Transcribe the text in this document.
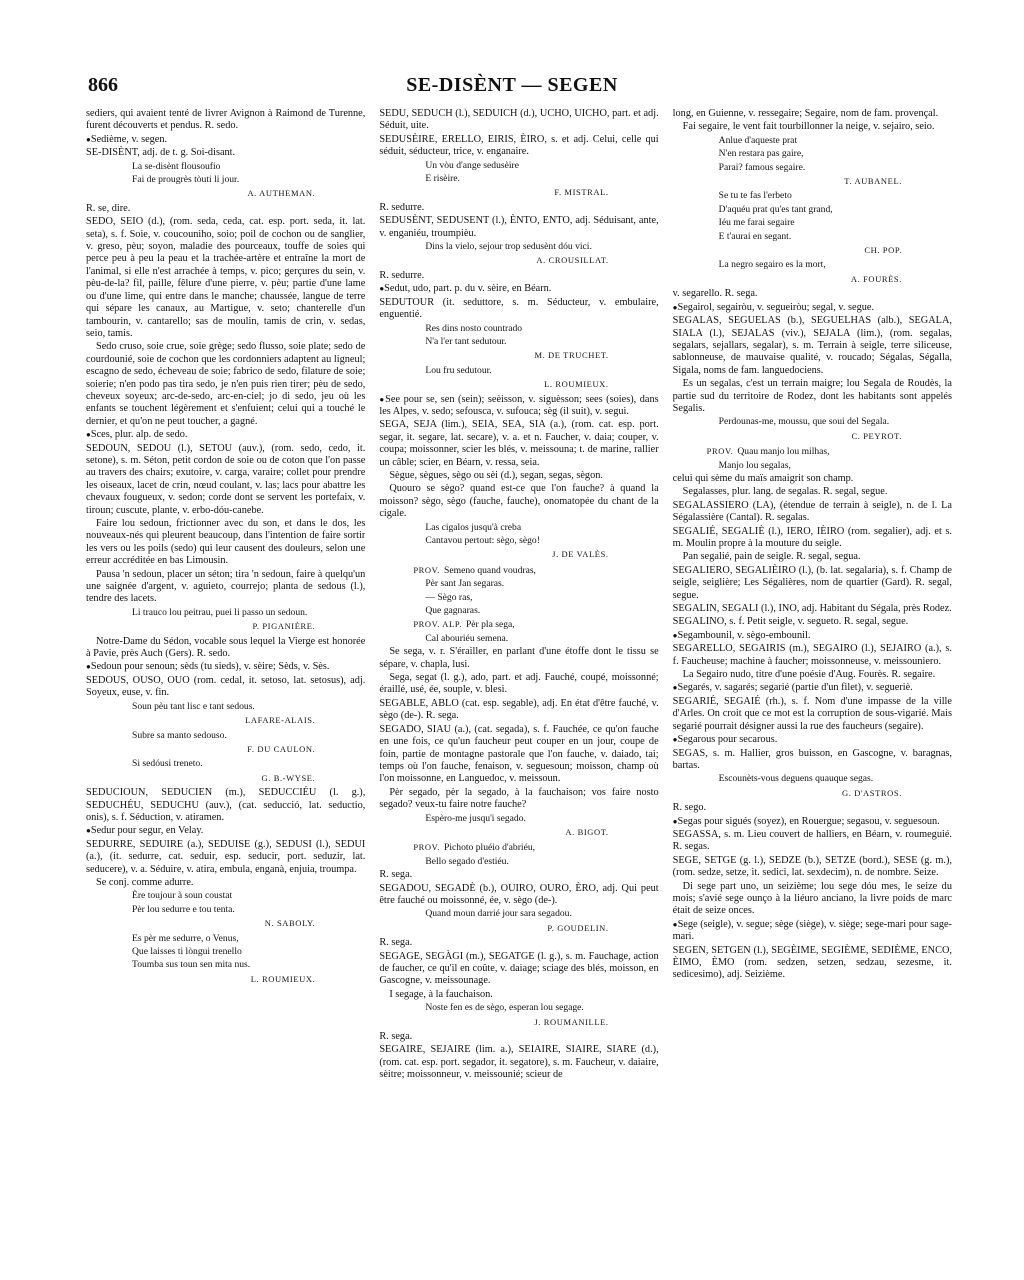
866	SE-DISÈNT — SEGEN

sediers, qui avaient tenté de livrer Avignon à Raimond de Turenne, furent découverts et pendus. R. sedo.

● Sedième, v. segen.

SE-DISÈNT, adj. de t. g. Soi-disant.

La se-disènt flousoufio

Fai de prougrès tòuti li jour.

A. AUTHEMAN.

R. se, dire.

SEDO, SEIO (d.), (rom. seda, ceda, cat. esp. port. seda, it. lat. seta), s. f. Soie, v. coucouniho, soio; poil de cochon ou de sanglier, v. greso, pèu; soyon, maladie des pourceaux, touffe de soies qui perce peu à peu la peau et la trachée-artère et entraîne la mort de l'animal, si elle n'est arrachée à temps, v. pico; gerçures du sein, v. pèu-de-la? fil, paille, fêlure d'une pierre, v. pèu; partie d'une lame ou d'une lime, qui entre dans le manche; chaussée, langue de terre qui sépare les canaux, au Martigue, v. seto; chanterelle d'un tambourin, v. cantarello; sas de moulin, tamis de crin, v. sedas, seio, tamis.

Sedo cruso, soie crue, soie grège; sedo flusso, soie plate; sedo de courdounié, soie de cochon que les cordonniers adaptent au ligneul; escagno de sedo, écheveau de soie; fabrico de sedo, filature de soie; soierie; n'en podo pas tira sedo, je n'en puis rien tirer; pèu de sedo, cheveux soyeux; arc-de-sedo, arc-en-ciel; jo di sedo, jeu où les enfants se touchent légèrement et s'enfuient; celui qui a touché le dernier, et qu'on ne peut toucher, a gagné.

● Sces, plur. alp. de sedo.

SEDOUN, SEDOU (l.), SETOU (auv.), (rom. sedo, cedo, it. setone), s. m. Séton, petit cordon de soie ou de coton que l'on passe au travers des chairs; exutoire, v. carga, varaire; collet pour prendre les oiseaux, lacet de crin, nœud coulant, v. las; lacs pour abattre les chevaux fougueux, v. sedon; corde dont se servent les portefaix, v. tiroun; cuscute, plante, v. erbo-dóu-canebe.

Faire lou sedoun, frictionner avec du son, et dans le dos, les nouveaux-nés qui pleurent beaucoup, dans l'intention de faire sortir les vers ou les poils (sedo) qui leur causent des douleurs, selon une erreur accréditée en bas Limousin.

Pausa 'n sedoun, placer un séton; tira 'n sedoun, faire à quelqu'un une saignée d'argent, v. aguieto, courrejo; planta de sedous (l.), tendre des lacets.

Li trauco lou peitrau, puei li passo un sedoun.

P. PIGANIÈRE.

Notre-Dame du Sédon, vocable sous lequel la Vierge est honorée à Pavie, près Auch (Gers). R. sedo.

● Sedoun pour senoun; sèds (tu sieds), v. sèire; Sèds, v. Sès.

SEDOUS, OUSO, OUO (rom. cedal, it. setoso, lat. setosus), adj. Soyeux, euse, v. fin.

Soun pèu tant lisc e tant sedous.

LAFARE-ALAIS.

Subre sa manto sedouso.

F. DU CAULON.

Si sedóusi treneto.

G. B.-WYSE.

SEDUCIOUN, SEDUCIEN (m.), SEDUCCIÉU (l. g.), SEDUCHÉU, SEDUCHU (auv.), (cat. seducció, lat. seductio, onis), s. f. Séduction, v. atiramen.

● Sedur pour segur, en Velay.

SEDURRE, SEDUIRE (a.), SEDUISE (g.), SEDUSI (l.), SEDUI (a.), (it. sedurre, cat. seduir, esp. seducir, port. seduzir, lat. seducere), v. a. Séduire, v. atira, embula, enganà, enjuia, troumpa.

Se conj. comme adurre.

Ère toujour à soun coustat

Pèr lou sedurre e tou tenta.

N. SABOLY.

Es pèr me sedurre, o Venus,

Que laisses ti lòngui trenello

Toumba sus toun sen mita nus.

L. ROUMIEUX.

SEDU, SEDUCH (l.), SEDUICH (d.), UCHO, UICHO, part. et adj. Séduit, uite.

SEDUSÈIRE, ERELLO, EIRIS, ÈIRO, s. et adj. Celui, celle qui séduit, séducteur, trice, v. enganaire.

Un vòu d'ange sedusèire

E risèire.

F. MISTRAL.

R. sedurre.

SEDUSÈNT, SEDUSENT (l.), ÈNTO, ENTO, adj. Séduisant, ante, v. enganiéu, troumpièu.

Dins la vielo, sejour trop sedusènt dóu vici.

A. CROUSILLAT.

R. sedurre.

● Sedut, udo, part. p. du v. sèire, en Béarn.

SEDUTOUR (it. seduttore, s. m. Séducteur, v. embulaire, enguentié.

Res dins nosto countrado

N'a l'er tant sedutour.

M. DE TRUCHET.

Lou fru sedutour.

L. ROUMIEUX.

● See pour se, sen (sein); seèisson, v. siguèsson; sees (soies), dans les Alpes, v. sedo; sefousca, v. sufouca; sèg (il suit), v. segui.

SEGA, SEJA (lim.), SEIA, SEA, SIA (a.), (rom. cat. esp. port. segar, it. segare, lat. secare), v. a. et n. Faucher, v. daia; couper, v. coupa; moissonner, scier les blés, v. meissouna; t. de marine, rallier un câble; scier, en Béarn, v. ressa, seia.

Sègue, sègues, sègo ou sèi (d.), segan, segas, sègon.

Quouro se sègo? quand est-ce que l'on fauche? à quand la moisson? sègo, sègo (fauche, fauche), onomatopée du chant de la cigale.

Las cigalos jusqu'à creba

Cantavou pertout: sègo, sègo!

J. DE VALÈS.

PROV. Semeno quand voudras,

Pèr sant Jan segaras.

— Sègo ras,

Que gagnaras.

PROV. ALP. Pèr pla sega,

Cal abouriéu semena.

Se sega, v. r. S'érailler, en parlant d'une étoffe dont le tissu se sépare, v. chapla, lusi.

Sega, segat (l. g.), ado, part. et adj. Fauché, coupé, moissonné; éraillé, usé, ée, souple, v. blesi.

SEGABLE, ABLO (cat. esp. segable), adj. En état d'être fauché, v. sègo (de-). R. sega.

SEGADO, SIAU (a.), (cat. segada), s. f. Fauchée, ce qu'on fauche en une fois, ce qu'un faucheur peut couper en un jour, coupe de foin, partie de montagne pastorale que l'on fauche, v. daiado, tai; temps où l'on fauche, fenaison, v. seguesoun; moisson, champ où l'on moissonne, en Languedoc, v. meissoun.

Pèr segado, pèr la segado, à la fauchaison; vos faire nosto segado? veux-tu faire notre fauche?

Espèro-me jusqu'i segado.

A. BIGOT.

PROV. Pichoto pluéio d'abriéu,

Bello segado d'estiéu.

R. sega.

SEGADOU, SEGADÈ (b.), OUIRO, OURO, ÈRO, adj. Qui peut être fauché ou moissonné, ée, v. sègo (de-).

Quand moun darrié jour sara segadou.

P. GOUDELIN.

R. sega.

SEGAGE, SEGÀGI (m.), SEGATGE (l. g.), s. m. Fauchage, action de faucher, ce qu'il en coûte, v. daiage; sciage des blés, moisson, en Gascogne, v. meissounage.

I segage, à la fauchaison.

Noste fen es de sègo, esperan lou segage.

J. ROUMANILLE.

R. sega.

SEGAIRE, SEJAIRE (lim. a.), SEIAIRE, SIAIRE, SIARE (d.), (rom. cat. esp. port. segador, it. segatore), s. m. Faucheur, v. daiaire, sèitre; moissonneur, v. meissounié; scieur de

long, en Guienne, v. ressegaire; Segaire, nom de fam. provençal.

Fai segaire, le vent fait tourbillonner la neige, v. sejairo, seio.

Anlue d'aqueste prat

N'en restara pas gaire,

Parai? famous segaire.

T. AUBANEL.

Se tu te fas l'erbeto

D'aquéu prat qu'es tant grand,

Iéu me farai segaire

E t'aurai en segant.

CH. POP.

La negro segairo es la mort,

A. FOURÈS.

v. segarello. R. sega.

● Segairol, segairòu, v. segueiròu; segal, v. segue.

SEGALAS, SEGUELAS (b.), SEGUELHAS (alb.), SEGALA, SIALA (l.), SEJALAS (viv.), SEJALA (lim.), (rom. segalas, segalars, sejallars, segalar), s. m. Terrain à seigle, terre siliceuse, sablonneuse, de mauvaise qualité, v. roucado; Ségalas, Ségalla, Sigala, noms de fam. languedociens.

Es un segalas, c'est un terrain maigre; lou Segala de Roudès, la partie sud du territoire de Rodez, dont les habitants sont appelés Segalis.

Perdounas-me, moussu, que soui del Segala.

C. PEYROT.

PROV. Quau manjo lou milhas,

Manjo lou segalas,

celui qui sème du maïs amaigrit son champ.

Segalasses, plur. lang. de segalas. R. segal, segue.

SEGALASSIERO (LA), (étendue de terrain à seigle), n. de l. La Ségalassière (Cantal). R. segalas.

SEGALIÉ, SEGALIÈ (l.), IERO, IÈIRO (rom. segalier), adj. et s. m. Moulin propre à la mouture du seigle.

Pan segalié, pain de seigle. R. segal, segua.

SEGALIERO, SEGALIÈIRO (l.), (b. lat. segalaria), s. f. Champ de seigle, seiglière; Les Ségalières, nom de quartier (Gard). R. segal, segue.

SEGALIN, SEGALI (l.), INO, adj. Habitant du Ségala, près Rodez.

SEGALINO, s. f. Petit seigle, v. segueto. R. segal, segue.

● Segambounil, v. sègo-embounil.

SEGARELLO, SEGAIRIS (m.), SEGAIRO (l.), SEJAIRO (a.), s. f. Faucheuse; machine à faucher; moissonneuse, v. meissouniero.

La Segairo nudo, titre d'une poésie d'Aug. Fourès. R. segaire.

● Segarés, v. sagarés; segarié (partie d'un filet), v. segueriè.

SEGARIÉ, SEGAIÉ (rh.), s. f. Nom d'une impasse de la ville d'Arles. On croit que ce mot est la corruption de sous-vigarié. Mais segarié pourrait désigner aussi la rue des faucheurs (segaire).

● Segarous pour secarous.

SEGAS, s. m. Hallier, gros buisson, en Gascogne, v. baragnas, bartas.

Escounèts-vous deguens quauque segas.

G. D'ASTROS.

R. sego.

● Segas pour sigués (soyez), en Rouergue; segasou, v. seguesoun.

SEGASSA, s. m. Lieu couvert de halliers, en Béarn, v. roumeguié. R. segas.

SEGE, SETGE (g. l.), SEDZE (b.), SETZE (bord.), SESE (g. m.), (rom. sedze, setze, it. sedici, lat. sexdecim), n. de nombre. Seize.

Di sege part uno, un seizième; lou sege dóu mes, le seize du mois; s'avié sege ounço à la liéuro anciano, la livre poids de marc était de seize onces.

● Sege (seigle), v. segue; sège (siège), v. siège; sege-mari pour sage-mari.

SEGEN, SETGEN (l.), SEGÈIME, SEGIÈME, SEDIÈME, ENCO, ÈIMO, ÈMO (rom. sedzen, setzen, sedzau, sezesme, it. sedicesimo), adj. Seizième.
